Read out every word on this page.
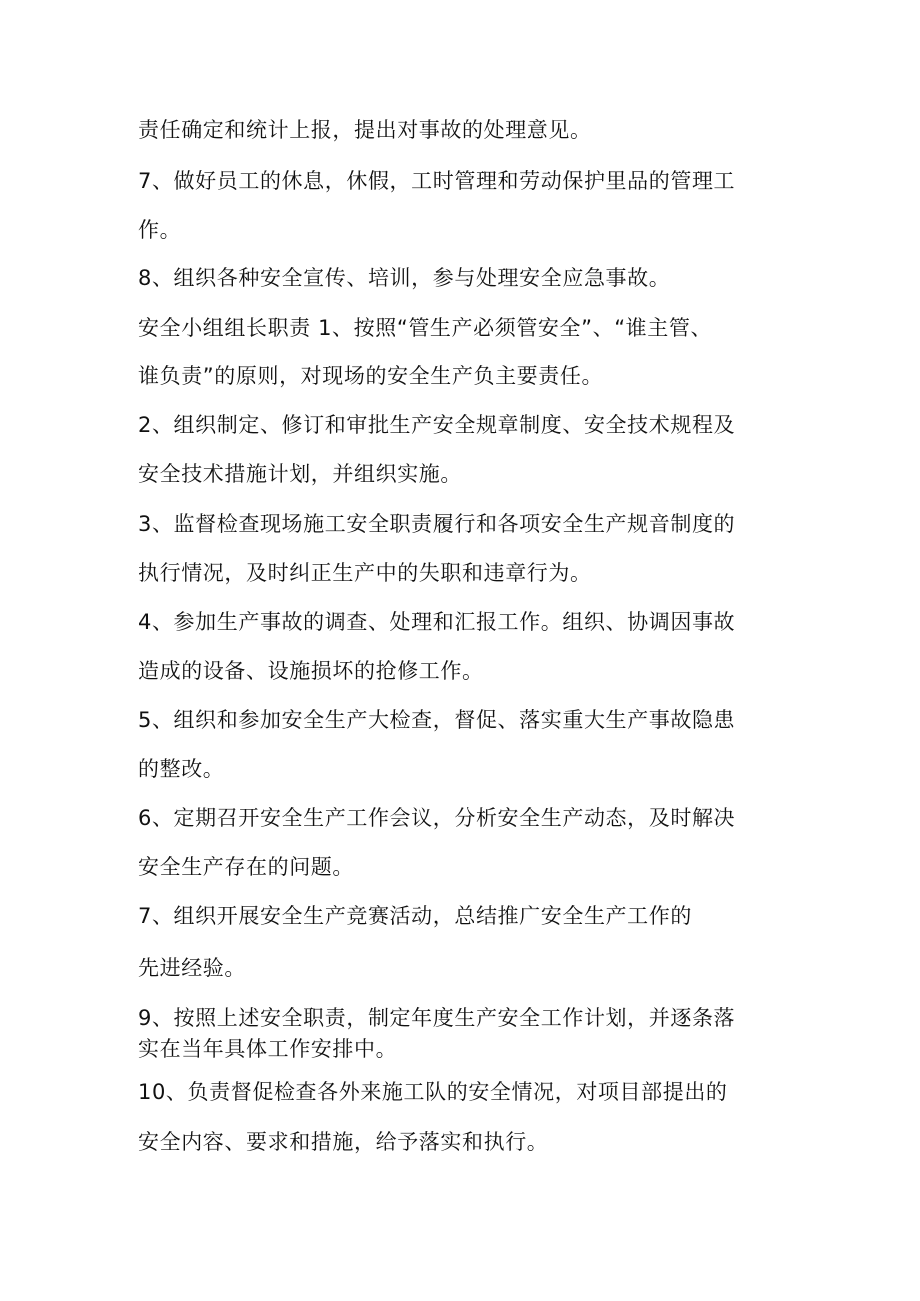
责任确定和统计上报，提出对事故的处理意见。
7、做好员工的休息，休假，工时管理和劳动保护里品的管理工
作。
8、组织各种安全宣传、培训，参与处理安全应急事故。
安全小组组长职责 1、按照“管生产必须管安全”、“谁主管、
谁负责”的原则，对现场的安全生产负主要责任。
2、组织制定、修订和审批生产安全规章制度、安全技术规程及
安全技术措施计划，并组织实施。
3、监督检查现场施工安全职责履行和各项安全生产规音制度的
执行情况，及时纠正生产中的失职和违章行为。
4、参加生产事故的调查、处理和汇报工作。组织、协调因事故
造成的设备、设施损坏的抢修工作。
5、组织和参加安全生产大检查，督促、落实重大生产事故隐患
的整改。
6、定期召开安全生产工作会议，分析安全生产动态，及时解决
安全生产存在的问题。
7、组织开展安全生产竞赛活动，总结推广安全生产工作的
先进经验。
9、按照上述安全职责，制定年度生产安全工作计划，并逐条落
实在当年具体工作安排中。
10、负责督促检查各外来施工队的安全情况，对项目部提出的
安全内容、要求和措施，给予落实和执行。
